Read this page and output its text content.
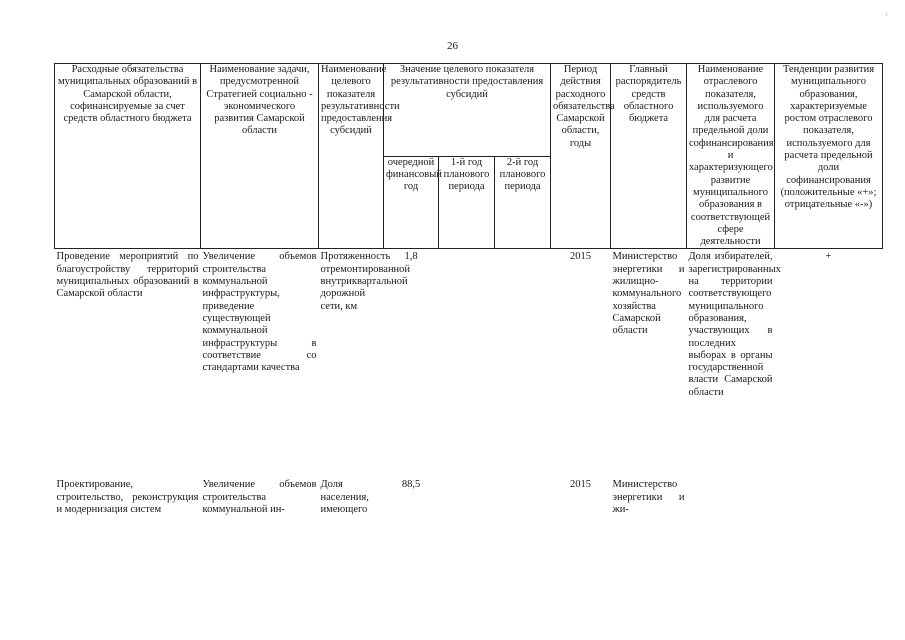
26
'
Расходные обязательства муниципальных образований в Самарской области, софинансируемые за счет средств областного бюджета	Наименование задачи, предусмотренной Стратегией социально - экономического развития Самарской области	Наименование целевого показателя результативности предоставления субсидий	Значение целевого показателя результативности предоставления субсидий			Период действия расходного обязательства Самарской области, годы	Главный распорядитель средств областного бюджета	Наименование отраслевого показателя, используемого для расчета предельной доли софинансирования и характеризующего развитие муниципального образования в соответствующей сфере деятельности	Тенденции развития муниципального образования, характеризуемые ростом отраслевого показателя, используемого для расчета предельной доли софинансирования (положительные «+»; отрицательные «-»)
			очередной финансовый год	1-й год планового периода	2-й год планового периода				
Проведение мероприятий по благоустройству территорий муниципальных образований в Самарской области	Увеличение объемов строительства коммунальной инфраструктуры, приведение существующей коммунальной инфраструктуры в соответствие со стандартами качества	Протяженность отремонтированной внутриквартальной дорожной сети, км	1,8			2015	Министерство энергетики и жилищно-коммунального хозяйства Самарской области	Доля избирателей, зарегистрированных на территории соответствующего муниципального образования, участвующих в последних выборах в органы государственной власти Самарской области	+
Проектирование, строительство, реконструкция и модернизация систем	Увеличение объемов строительства коммунальной ин-	Доля населения, имеющего	88,5			2015	Министерство энергетики и жи-		
